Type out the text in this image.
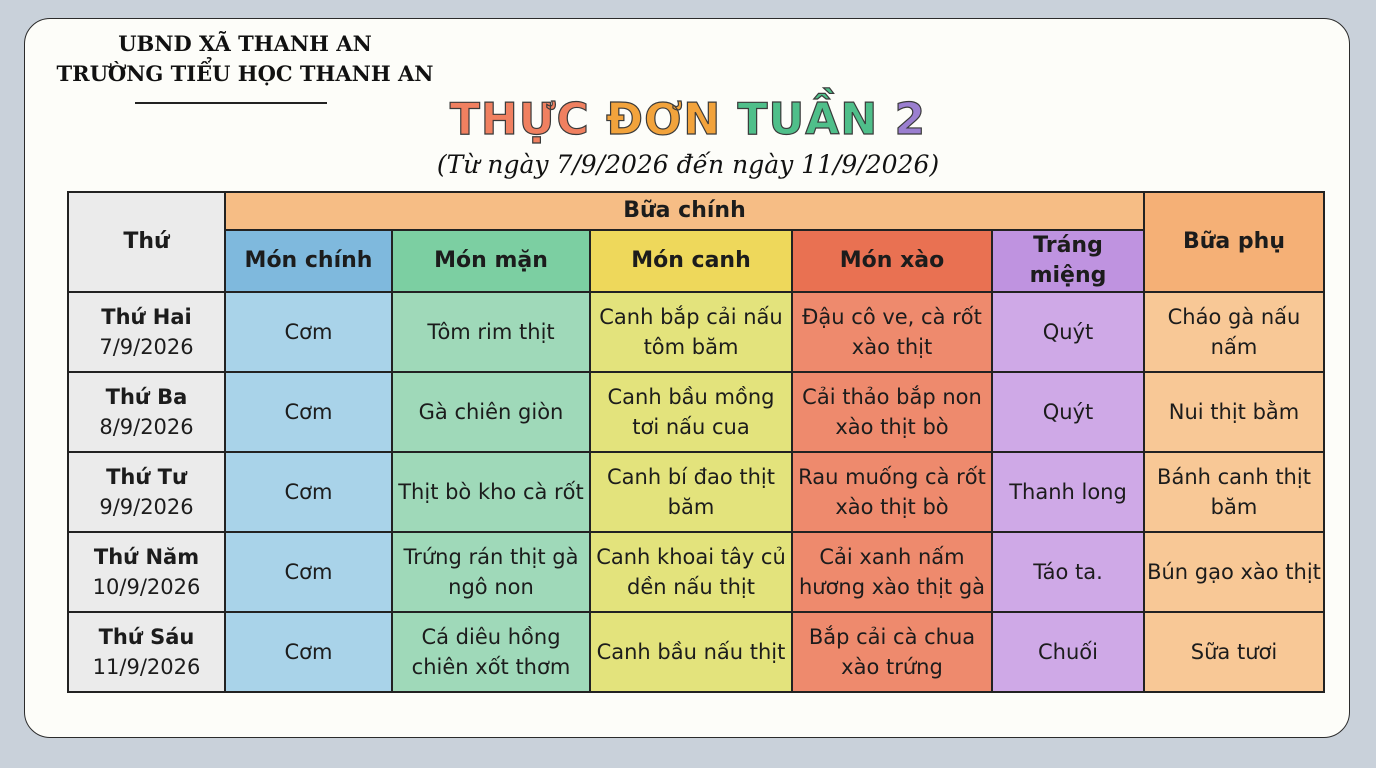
UBND XÃ THANH AN
TRƯỜNG TIỂU HỌC THANH AN
THỰC ĐƠN TUẦN 2
(Từ ngày 7/9/2026 đến ngày 11/9/2026)
Thứ	Bữa chính					Bữa phụ
	Món chính	Món mặn	Món canh	Món xào	Tráng miệng	

Thứ Hai
7/9/2026	Cơm	Tôm rim thịt	Canh bắp cải nấu tôm băm	Đậu cô ve, cà rốt xào thịt	Quýt	Cháo gà nấu nấm

Thứ Ba
8/9/2026	Cơm	Gà chiên giòn	Canh bầu mồng tơi nấu cua	Cải thảo bắp non xào thịt bò	Quýt	Nui thịt bằm

Thứ Tư
9/9/2026	Cơm	Thịt bò kho cà rốt	Canh bí đao thịt băm	Rau muống cà rốt xào thịt bò	Thanh long	Bánh canh thịt băm

Thứ Năm
10/9/2026	Cơm	Trứng rán thịt gà ngô non	Canh khoai tây củ dền nấu thịt	Cải xanh nấm hương xào thịt gà	Táo ta.	Bún gạo xào thịt

Thứ Sáu
11/9/2026	Cơm	Cá diêu hồng chiên xốt thơm	Canh bầu nấu thịt	Bắp cải cà chua xào trứng	Chuối	Sữa tươi
